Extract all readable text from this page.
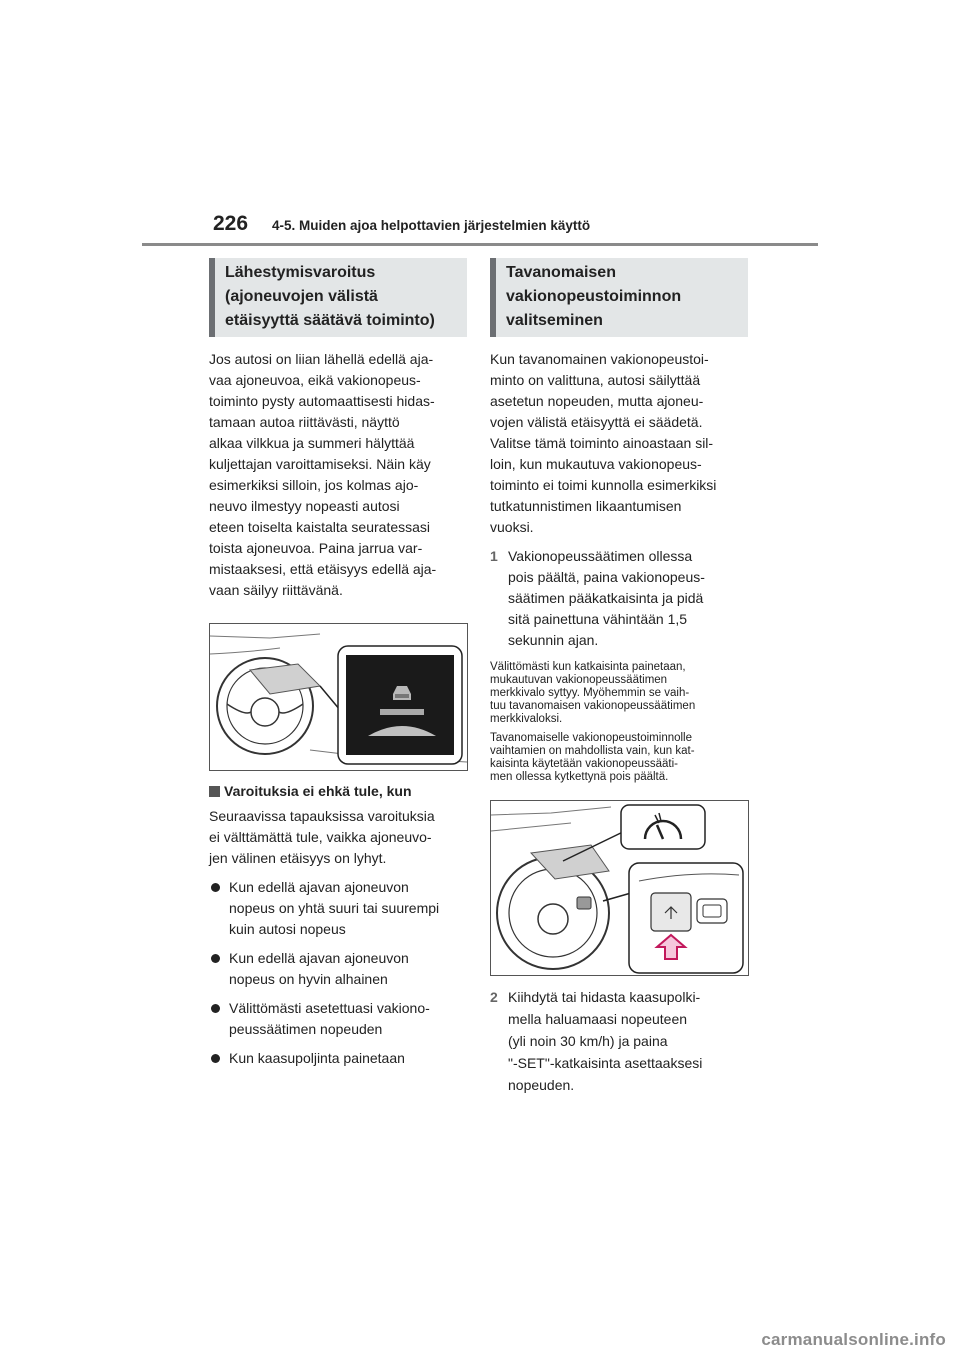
226 4-5. Muiden ajoa helpottavien järjestelmien käyttö
Lähestymisvaroitus
(ajoneuvojen välistä
etäisyyttä säätävä toiminto)
Jos autosi on liian lähellä edellä aja-
vaa ajoneuvoa, eikä vakionopeus-
toiminto pysty automaattisesti hidas-
tamaan autoa riittävästi, näyttö
alkaa vilkkua ja summeri hälyttää
kuljettajan varoittamiseksi. Näin käy
esimerkiksi silloin, jos kolmas ajo-
neuvo ilmestyy nopeasti autosi
eteen toiselta kaistalta seuratessasi
toista ajoneuvoa. Paina jarrua var-
mistaaksesi, että etäisyys edellä aja-
vaan säilyy riittävänä.
Varoituksia ei ehkä tule, kun
Seuraavissa tapauksissa varoituksia
ei välttämättä tule, vaikka ajoneuvo-
jen välinen etäisyys on lyhyt.
Kun edellä ajavan ajoneuvon
nopeus on yhtä suuri tai suurempi
kuin autosi nopeus
Kun edellä ajavan ajoneuvon
nopeus on hyvin alhainen
Välittömästi asetettuasi vakiono-
peussäätimen nopeuden
Kun kaasupoljinta painetaan
Tavanomaisen
vakionopeustoiminnon
valitseminen
Kun tavanomainen vakionopeustoi-
minto on valittuna, autosi säilyttää
asetetun nopeuden, mutta ajoneu-
vojen välistä etäisyyttä ei säädetä.
Valitse tämä toiminto ainoastaan sil-
loin, kun mukautuva vakionopeus-
toiminto ei toimi kunnolla esimerkiksi
tutkatunnistimen likaantumisen
vuoksi.
1 Vakionopeussäätimen ollessa
pois päältä, paina vakionopeus-
säätimen pääkatkaisinta ja pidä
sitä painettuna vähintään 1,5
sekunnin ajan.
Välittömästi kun katkaisinta painetaan,
mukautuvan vakionopeussäätimen
merkkivalo syttyy. Myöhemmin se vaih-
tuu tavanomaisen vakionopeussäätimen
merkkivaloksi.
Tavanomaiselle vakionopeustoiminnolle
vaihtamien on mahdollista vain, kun kat-
kaisinta käytetään vakionopeussääti-
men ollessa kytkettynä pois päältä.
2 Kiihdytä tai hidasta kaasupolki-
mella haluamaasi nopeuteen
(yli noin 30 km/h) ja paina
"-SET"-katkaisinta asettaaksesi
nopeuden.
carmanualsonline.info
